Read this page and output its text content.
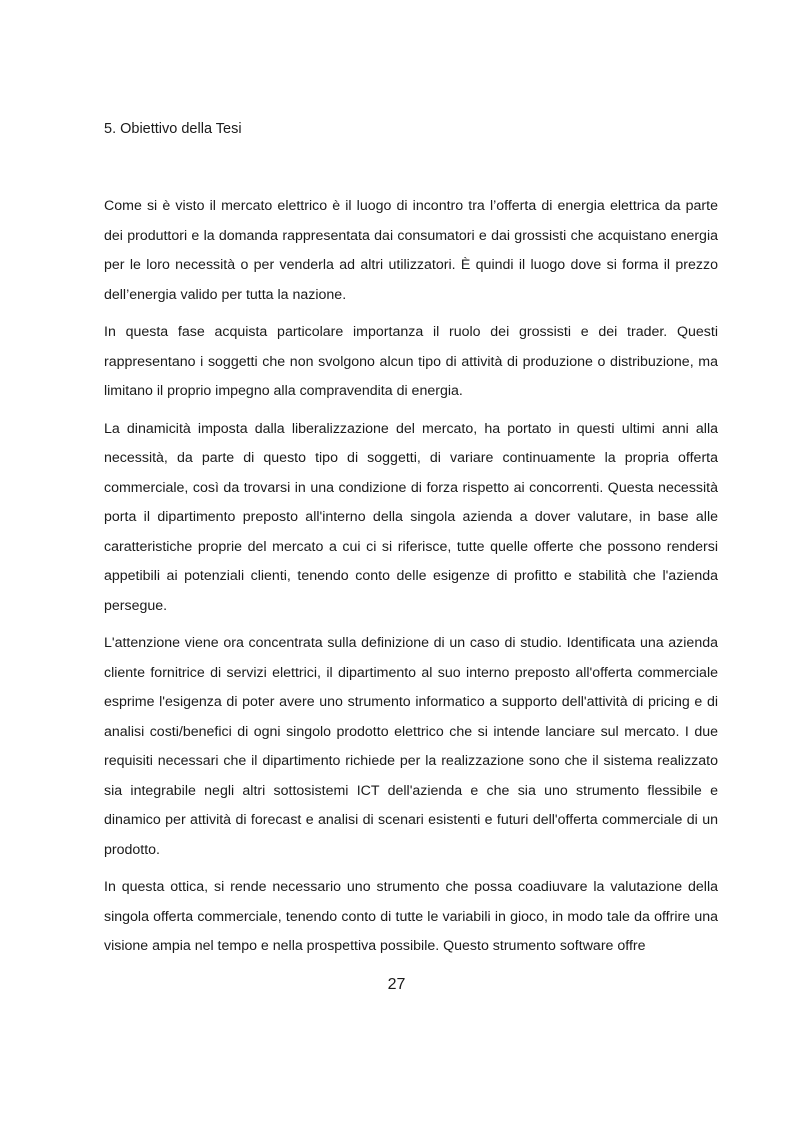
5. Obiettivo della Tesi

Come si è visto il mercato elettrico è il luogo di incontro tra l’offerta di energia elettrica da parte dei produttori e la domanda rappresentata dai consumatori e dai grossisti che acquistano energia per le loro necessità o per venderla ad altri utilizzatori. È quindi il luogo dove si forma il prezzo dell’energia valido per tutta la nazione.

In questa fase acquista particolare importanza il ruolo dei grossisti e dei trader. Questi rappresentano i soggetti che non svolgono alcun tipo di attività di produzione o distribuzione, ma limitano il proprio impegno alla compravendita di energia.

La dinamicità imposta dalla liberalizzazione del mercato, ha portato in questi ultimi anni alla necessità, da parte di questo tipo di soggetti, di variare continuamente la propria offerta commerciale, così da trovarsi in una condizione di forza rispetto ai concorrenti. Questa necessità porta il dipartimento preposto all'interno della singola azienda a dover valutare, in base alle caratteristiche proprie del mercato a cui ci si riferisce, tutte quelle offerte che possono rendersi appetibili ai potenziali clienti, tenendo conto delle esigenze di profitto e stabilità che l'azienda persegue.

L'attenzione viene ora concentrata sulla definizione di un caso di studio. Identificata una azienda cliente fornitrice di servizi elettrici, il dipartimento al suo interno preposto all'offerta commerciale esprime l'esigenza di poter avere uno strumento informatico a supporto dell'attività di pricing e di analisi costi/benefici di ogni singolo prodotto elettrico che si intende lanciare sul mercato. I due requisiti necessari che il dipartimento richiede per la realizzazione sono che il sistema realizzato sia integrabile negli altri sottosistemi ICT dell'azienda e che sia uno strumento flessibile e dinamico per attività di forecast e analisi di scenari esistenti e futuri dell'offerta commerciale di un prodotto.

In questa ottica, si rende necessario uno strumento che possa coadiuvare la valutazione della singola offerta commerciale, tenendo conto di tutte le variabili in gioco, in modo tale da offrire una visione ampia nel tempo e nella prospettiva possibile. Questo strumento software offre

27
